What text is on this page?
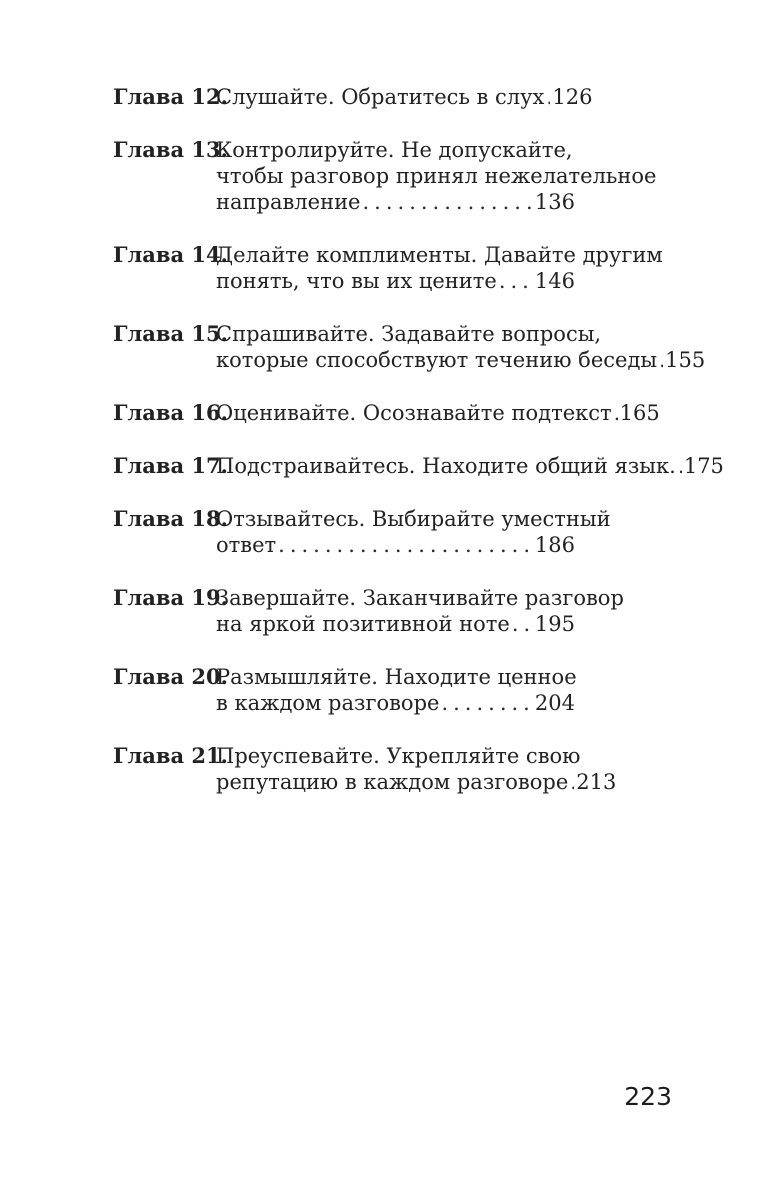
Глава 12.
Слушайте. Обратитесь в слух ..... 126
Глава 13.
Контролируйте. Не допускайте,
чтобы разговор принял нежелательное
направление .....	136
Глава 14.
Делайте комплименты. Давайте другим
понять, что вы их цените ..... 146
Глава 15.
Спрашивайте. Задавайте вопросы,
которые способствуют течению беседы ..... 155
Глава 16.
Оценивайте. Осознавайте подтекст ..... 165
Глава 17.
Подстраивайтесь. Находите общий язык. ..... 175
Глава 18.
Отзывайтесь. Выбирайте уместный
ответ .....	186
Глава 19.
Завершайте. Заканчивайте разговор
на яркой позитивной ноте ..... 195
Глава 20.
Размышляйте. Находите ценное
в каждом разговоре .....	204
Глава 21.
Преуспевайте. Укрепляйте свою
репутацию в каждом разговоре ..... 213
223
